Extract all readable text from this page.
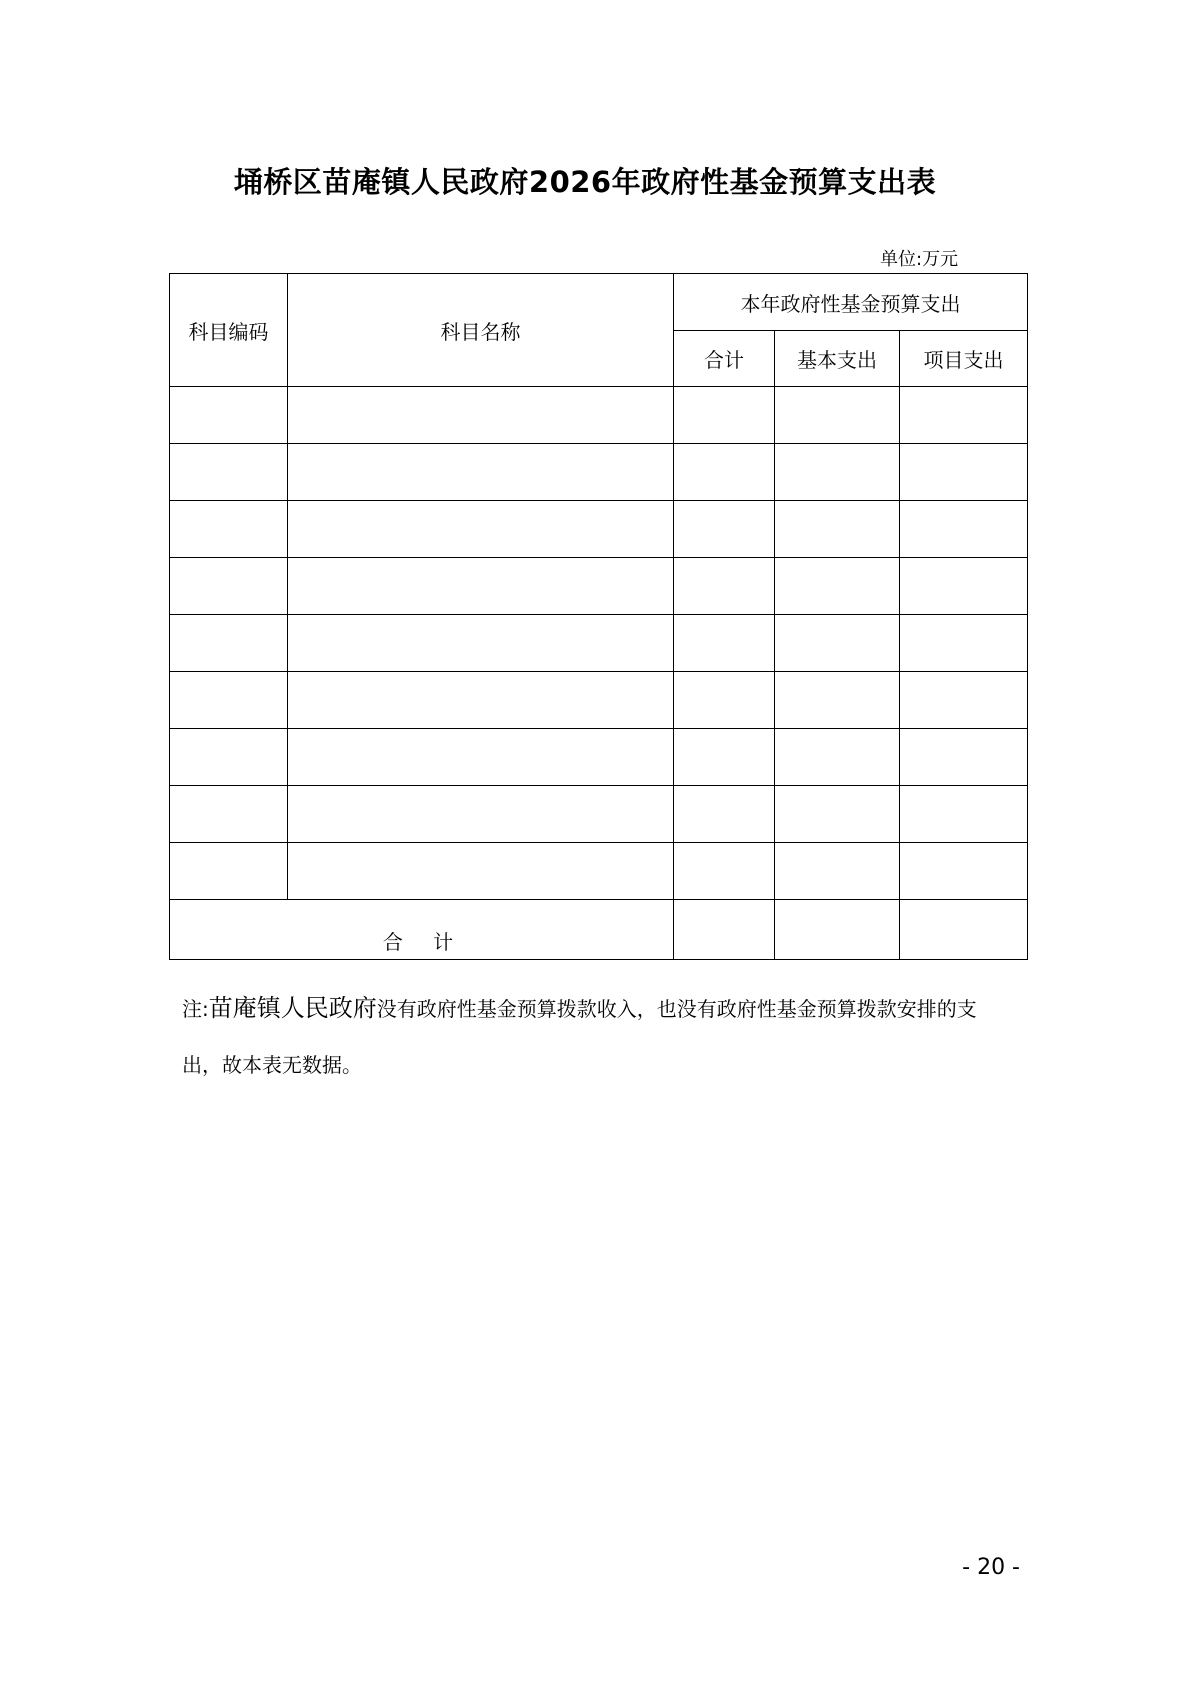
埇桥区苗庵镇人民政府2026年政府性基金预算支出表
单位:万元
科目编码	科目名称	本年政府性基金预算支出		
		合计	基本支出	项目支出

合 计				
注:苗庵镇人民政府没有政府性基金预算拨款收入，也没有政府性基金预算拨款安排的支出，故本表无数据。
- 20 -
